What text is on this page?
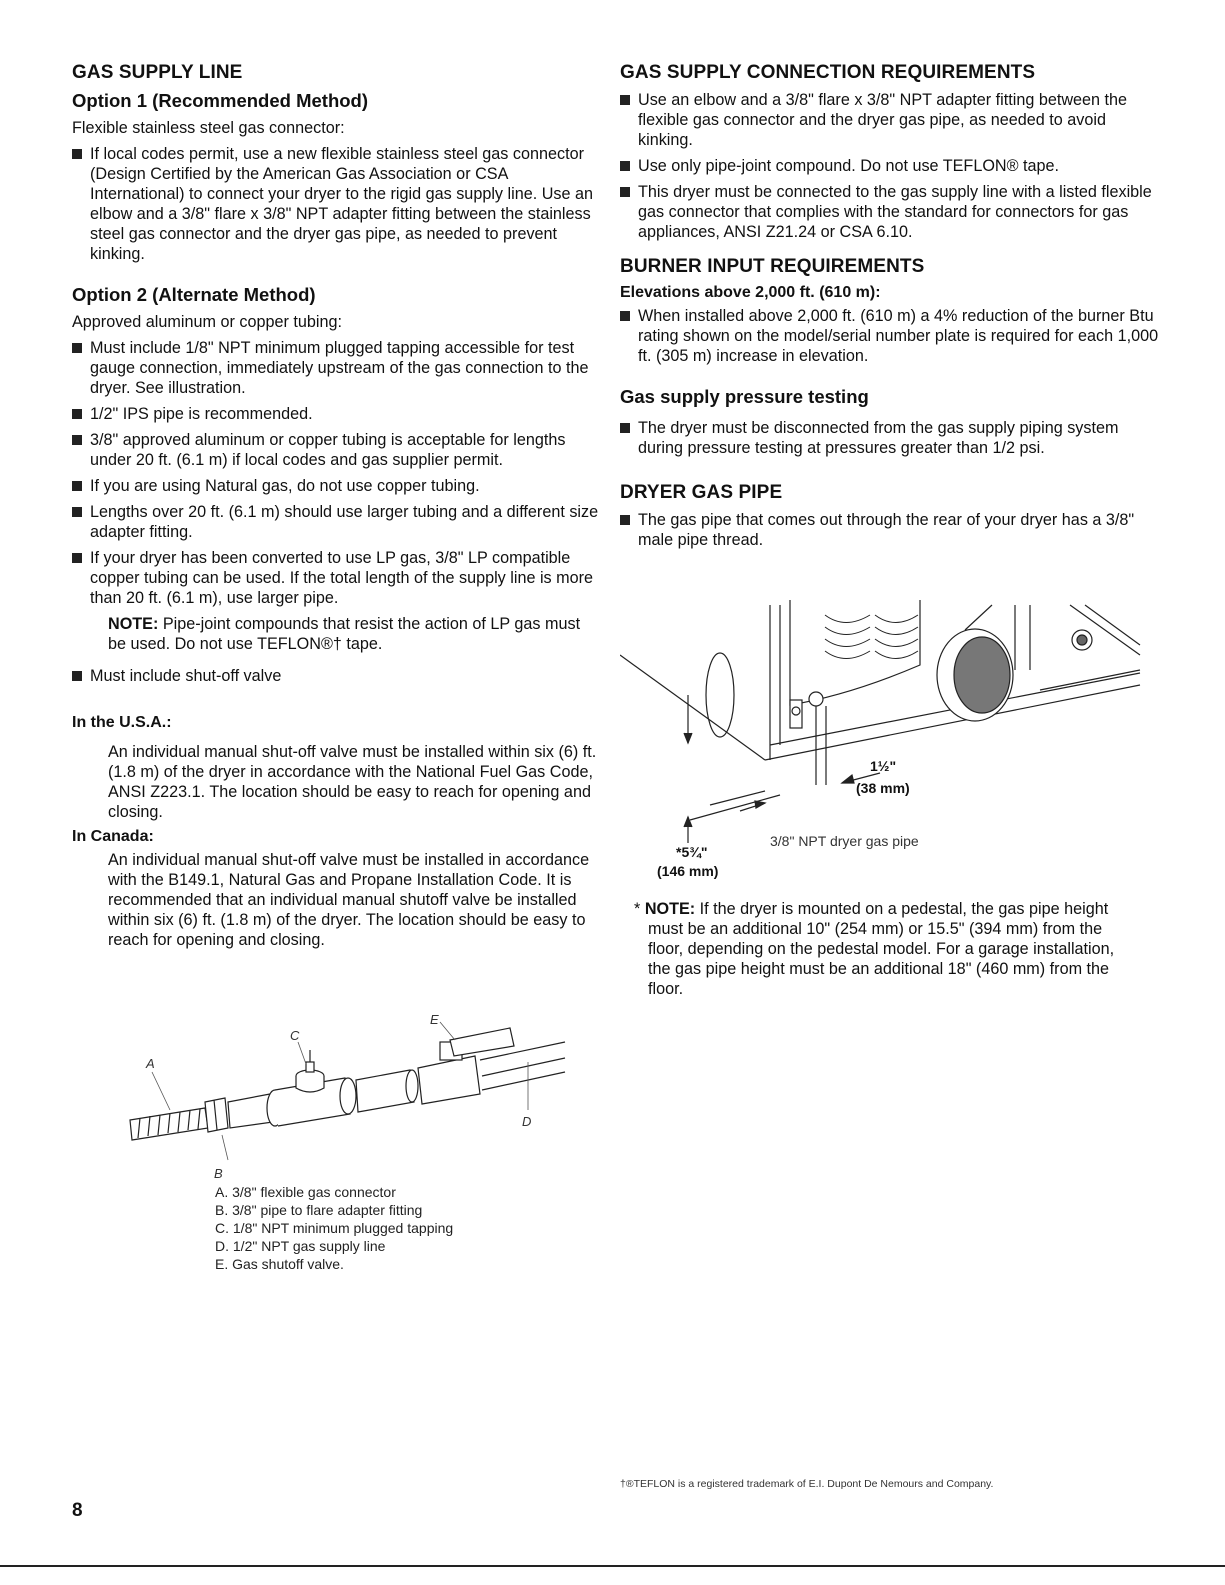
GAS SUPPLY LINE
Option 1 (Recommended Method)

Flexible stainless steel gas connector:

If local codes permit, use a new flexible stainless steel gas connector (Design Certified by the American Gas Association or CSA International) to connect your dryer to the rigid gas supply line. Use an elbow and a 3/8" flare x 3/8" NPT adapter fitting between the stainless steel gas connector and the dryer gas pipe, as needed to prevent kinking.
Option 2 (Alternate Method)

Approved aluminum or copper tubing:

Must include 1/8" NPT minimum plugged tapping accessible for test gauge connection, immediately upstream of the gas connection to the dryer. See illustration.
1/2" IPS pipe is recommended.
3/8" approved aluminum or copper tubing is acceptable for lengths under 20 ft. (6.1 m) if local codes and gas supplier permit.
If you are using Natural gas, do not use copper tubing.
Lengths over 20 ft. (6.1 m) should use larger tubing and a different size adapter fitting.
If your dryer has been converted to use LP gas, 3/8" LP compatible copper tubing can be used. If the total length of the supply line is more than 20 ft. (6.1 m), use larger pipe.

NOTE: Pipe-joint compounds that resist the action of LP gas must be used. Do not use TEFLON®† tape.

Must include shut-off valve
In the U.S.A.:

An individual manual shut-off valve must be installed within six (6) ft. (1.8 m) of the dryer in accordance with the National Fuel Gas Code, ANSI Z223.1. The location should be easy to reach for opening and closing.

In Canada:

An individual manual shut-off valve must be installed in accordance with the B149.1, Natural Gas and Propane Installation Code. It is recommended that an individual manual shutoff valve be installed within six (6) ft. (1.8 m) of the dryer. The location should be easy to reach for opening and closing.

A
B
C
D
E
A. 3/8" flexible gas connector
B. 3/8" pipe to flare adapter fitting
C. 1/8" NPT minimum plugged tapping
D. 1/2" NPT gas supply line
E. Gas shutoff valve.
GAS SUPPLY CONNECTION REQUIREMENTS
Use an elbow and a 3/8" flare x 3/8" NPT adapter fitting between the flexible gas connector and the dryer gas pipe, as needed to avoid kinking.
Use only pipe-joint compound. Do not use TEFLON® tape.
This dryer must be connected to the gas supply line with a listed flexible gas connector that complies with the standard for connectors for gas appliances, ANSI Z21.24 or CSA 6.10.
BURNER INPUT REQUIREMENTS
Elevations above 2,000 ft. (610 m):
When installed above 2,000 ft. (610 m) a 4% reduction of the burner Btu rating shown on the model/serial number plate is required for each 1,000 ft. (305 m) increase in elevation.
Gas supply pressure testing
The dryer must be disconnected from the gas supply piping system during pressure testing at pressures greater than 1/2 psi.
DRYER GAS PIPE
The gas pipe that comes out through the rear of your dryer has a 3/8" male pipe thread.
1½"
(38 mm)
3/8" NPT dryer gas pipe
*5¾"
(146 mm)

* NOTE: If the dryer is mounted on a pedestal, the gas pipe height must be an additional 10" (254 mm) or 15.5" (394 mm) from the floor, depending on the pedestal model. For a garage installation, the gas pipe height must be an additional 18" (460 mm) from the floor.

†®TEFLON is a registered trademark of E.I. Dupont De Nemours and Company.
8
